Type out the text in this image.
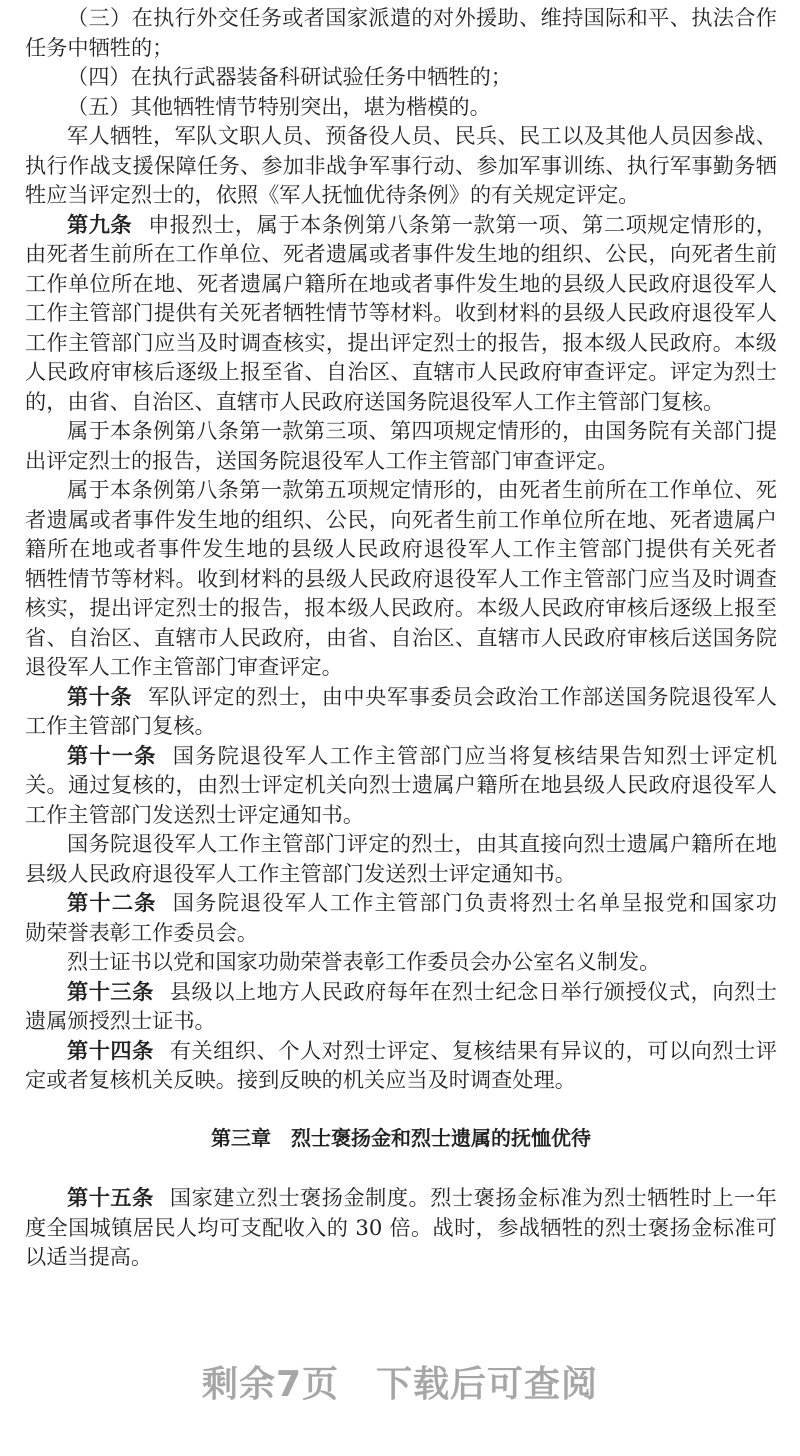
（三）在执行外交任务或者国家派遣的对外援助、维持国际和平、执法合作
任务中牺牲的；
（四）在执行武器装备科研试验任务中牺牲的；
（五）其他牺牲情节特别突出，堪为楷模的。
军人牺牲，军队文职人员、预备役人员、民兵、民工以及其他人员因参战、
执行作战支援保障任务、参加非战争军事行动、参加军事训练、执行军事勤务牺
牲应当评定烈士的，依照《军人抚恤优待条例》的有关规定评定。
第九条 申报烈士，属于本条例第八条第一款第一项、第二项规定情形的，
由死者生前所在工作单位、死者遗属或者事件发生地的组织、公民，向死者生前
工作单位所在地、死者遗属户籍所在地或者事件发生地的县级人民政府退役军人
工作主管部门提供有关死者牺牲情节等材料。收到材料的县级人民政府退役军人
工作主管部门应当及时调查核实，提出评定烈士的报告，报本级人民政府。本级
人民政府审核后逐级上报至省、自治区、直辖市人民政府审查评定。评定为烈士
的，由省、自治区、直辖市人民政府送国务院退役军人工作主管部门复核。
属于本条例第八条第一款第三项、第四项规定情形的，由国务院有关部门提
出评定烈士的报告，送国务院退役军人工作主管部门审查评定。
属于本条例第八条第一款第五项规定情形的，由死者生前所在工作单位、死
者遗属或者事件发生地的组织、公民，向死者生前工作单位所在地、死者遗属户
籍所在地或者事件发生地的县级人民政府退役军人工作主管部门提供有关死者
牺牲情节等材料。收到材料的县级人民政府退役军人工作主管部门应当及时调查
核实，提出评定烈士的报告，报本级人民政府。本级人民政府审核后逐级上报至
省、自治区、直辖市人民政府，由省、自治区、直辖市人民政府审核后送国务院
退役军人工作主管部门审查评定。
第十条 军队评定的烈士，由中央军事委员会政治工作部送国务院退役军人
工作主管部门复核。
第十一条 国务院退役军人工作主管部门应当将复核结果告知烈士评定机
关。通过复核的，由烈士评定机关向烈士遗属户籍所在地县级人民政府退役军人
工作主管部门发送烈士评定通知书。
国务院退役军人工作主管部门评定的烈士，由其直接向烈士遗属户籍所在地
县级人民政府退役军人工作主管部门发送烈士评定通知书。
第十二条 国务院退役军人工作主管部门负责将烈士名单呈报党和国家功
勋荣誉表彰工作委员会。
烈士证书以党和国家功勋荣誉表彰工作委员会办公室名义制发。
第十三条 县级以上地方人民政府每年在烈士纪念日举行颁授仪式，向烈士
遗属颁授烈士证书。
第十四条 有关组织、个人对烈士评定、复核结果有异议的，可以向烈士评
定或者复核机关反映。接到反映的机关应当及时调查处理。
第三章　烈士褒扬金和烈士遗属的抚恤优待
第十五条 国家建立烈士褒扬金制度。烈士褒扬金标准为烈士牺牲时上一年
度全国城镇居民人均可支配收入的 30 倍。战时，参战牺牲的烈士褒扬金标准可
以适当提高。
剩余7页　下载后可查阅
